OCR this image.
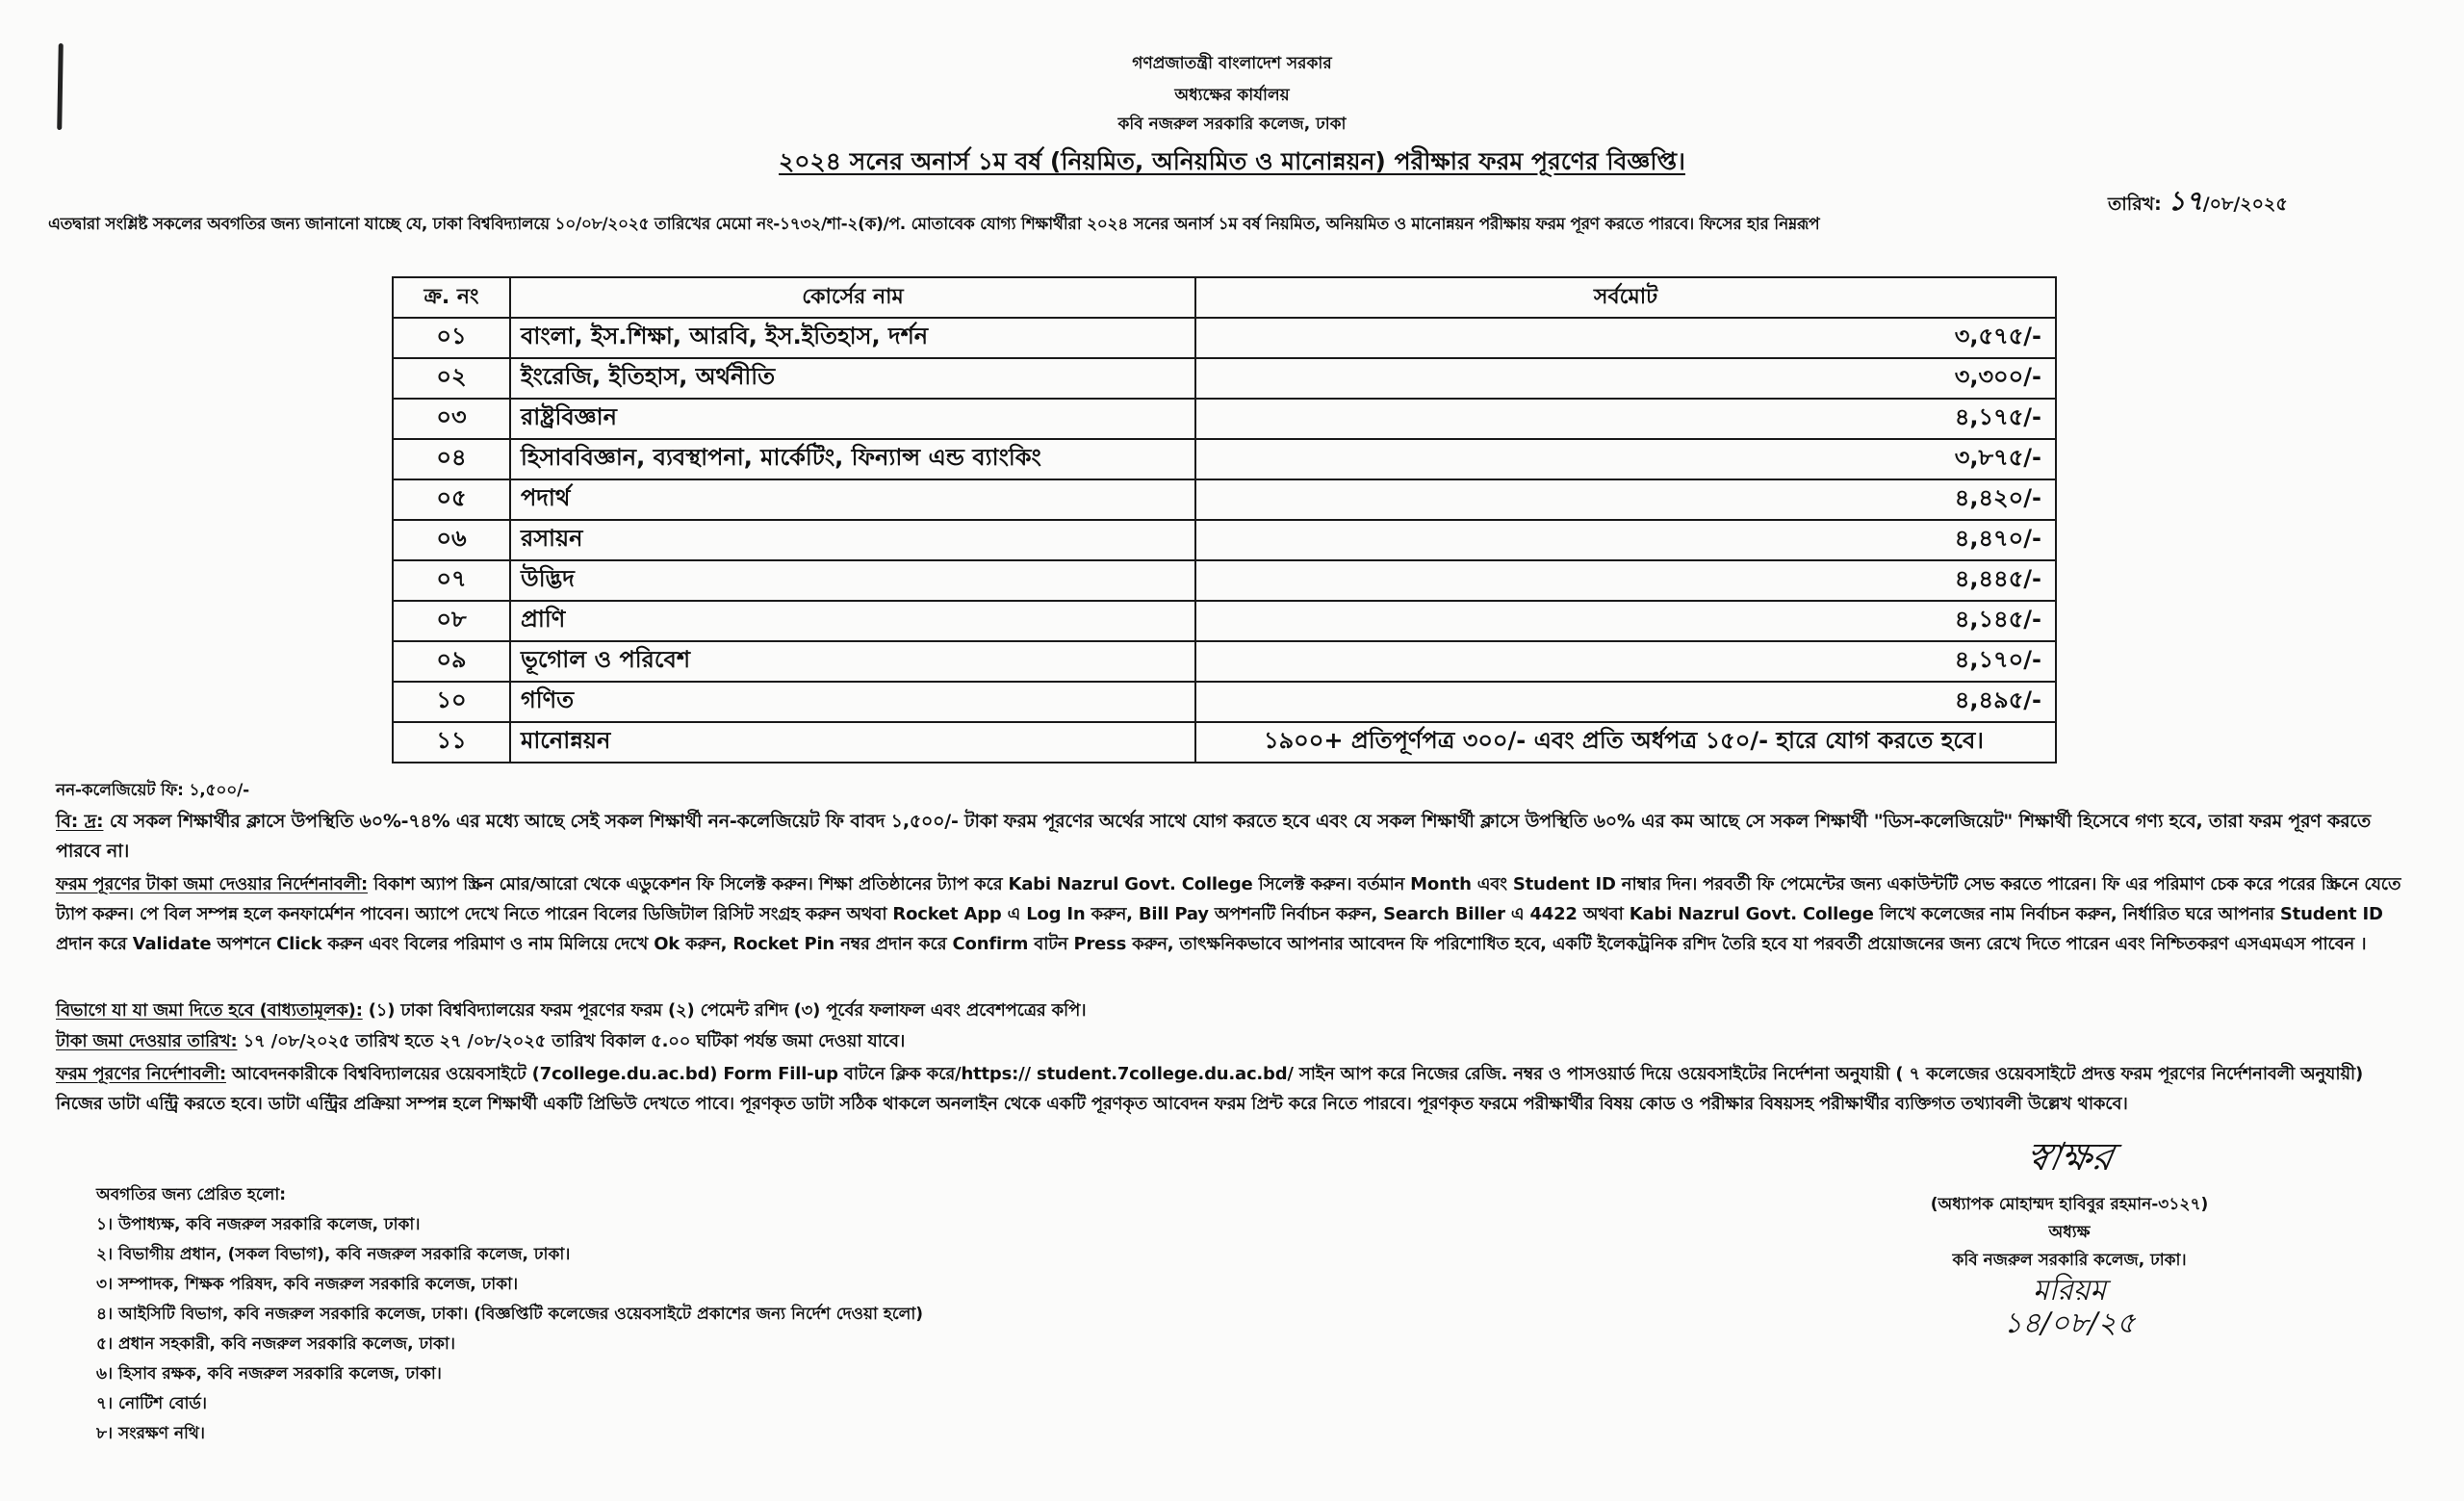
গণপ্রজাতন্ত্রী বাংলাদেশ সরকার
অধ্যক্ষের কার্যালয়
কবি নজরুল সরকারি কলেজ, ঢাকা
২০২৪ সনের অনার্স ১ম বর্ষ (নিয়মিত, অনিয়মিত ও মানোন্নয়ন) পরীক্ষার ফরম পূরণের বিজ্ঞপ্তি।
তারিখ: ১৭/০৮/২০২৫
এতদ্বারা সংশ্লিষ্ট সকলের অবগতির জন্য জানানো যাচ্ছে যে, ঢাকা বিশ্ববিদ্যালয়ে ১০/০৮/২০২৫ তারিখের মেমো নং-১৭৩২/শা-২(ক)/প. মোতাবেক যোগ্য শিক্ষার্থীরা ২০২৪ সনের অনার্স ১ম বর্ষ নিয়মিত, অনিয়মিত ও মানোন্নয়ন পরীক্ষায় ফরম পূরণ করতে পারবে। ফিসের হার নিম্নরূপ
ক্র. নং	কোর্সের নাম	সর্বমোট
০১	বাংলা, ইস.শিক্ষা, আরবি, ইস.ইতিহাস, দর্শন	৩,৫৭৫/-
০২	ইংরেজি, ইতিহাস, অর্থনীতি	৩,৩০০/-
০৩	রাষ্ট্রবিজ্ঞান	৪,১৭৫/-
০৪	হিসাববিজ্ঞান, ব্যবস্থাপনা, মার্কেটিং, ফিন্যান্স এন্ড ব্যাংকিং	৩,৮৭৫/-
০৫	পদার্থ	৪,৪২০/-
০৬	রসায়ন	৪,৪৭০/-
০৭	উদ্ভিদ	৪,৪৪৫/-
০৮	প্রাণি	৪,১৪৫/-
০৯	ভূগোল ও পরিবেশ	৪,১৭০/-
১০	গণিত	৪,৪৯৫/-
১১	মানোন্নয়ন	১৯০০+ প্রতিপূর্ণপত্র ৩০০/- এবং প্রতি অর্ধপত্র ১৫০/- হারে যোগ করতে হবে।
নন-কলেজিয়েট ফি: ১,৫০০/-
বি: দ্র: যে সকল শিক্ষার্থীর ক্লাসে উপস্থিতি ৬০%-৭৪% এর মধ্যে আছে সেই সকল শিক্ষার্থী নন-কলেজিয়েট ফি বাবদ ১,৫০০/- টাকা ফরম পূরণের অর্থের সাথে যোগ করতে হবে এবং যে সকল শিক্ষার্থী ক্লাসে উপস্থিতি ৬০% এর কম আছে সে সকল শিক্ষার্থী "ডিস-কলেজিয়েট" শিক্ষার্থী হিসেবে গণ্য হবে, তারা ফরম পূরণ করতে পারবে না।
ফরম পূরণের টাকা জমা দেওয়ার নির্দেশনাবলী: বিকাশ অ্যাপ স্ক্রিন মোর/আরো থেকে এডুকেশন ফি সিলেক্ট করুন। শিক্ষা প্রতিষ্ঠানের ট্যাপ করে Kabi Nazrul Govt. College সিলেক্ট করুন। বর্তমান Month এবং Student ID নাম্বার দিন। পরবর্তী ফি পেমেন্টের জন্য একাউন্টটি সেভ করতে পারেন। ফি এর পরিমাণ চেক করে পরের স্ক্রিনে যেতে ট্যাপ করুন। পে বিল সম্পন্ন হলে কনফার্মেশন পাবেন। অ্যাপে দেখে নিতে পারেন বিলের ডিজিটাল রিসিট সংগ্রহ করুন অথবা Rocket App এ Log In করুন, Bill Pay অপশনটি নির্বাচন করুন, Search Biller এ 4422 অথবা Kabi Nazrul Govt. College লিখে কলেজের নাম নির্বাচন করুন, নির্ধারিত ঘরে আপনার Student ID প্রদান করে Validate অপশনে Click করুন এবং বিলের পরিমাণ ও নাম মিলিয়ে দেখে Ok করুন, Rocket Pin নম্বর প্রদান করে Confirm বাটন Press করুন, তাৎক্ষনিকভাবে আপনার আবেদন ফি পরিশোধিত হবে, একটি ইলেকট্রনিক রশিদ তৈরি হবে যা পরবর্তী প্রয়োজনের জন্য রেখে দিতে পারেন এবং নিশ্চিতকরণ এসএমএস পাবেন ।
বিভাগে যা যা জমা দিতে হবে (বাধ্যতামূলক): (১) ঢাকা বিশ্ববিদ্যালয়ের ফরম পূরণের ফরম (২) পেমেন্ট রশিদ (৩) পূর্বের ফলাফল এবং প্রবেশপত্রের কপি।
টাকা জমা দেওয়ার তারিখ: ১৭ /০৮/২০২৫ তারিখ হতে ২৭ /০৮/২০২৫ তারিখ বিকাল ৫.০০ ঘটিকা পর্যন্ত জমা দেওয়া যাবে।
ফরম পূরণের নির্দেশাবলী: আবেদনকারীকে বিশ্ববিদ্যালয়ের ওয়েবসাইটে (7college.du.ac.bd) Form Fill-up বাটনে ক্লিক করে/https:// student.7college.du.ac.bd/ সাইন আপ করে নিজের রেজি. নম্বর ও পাসওয়ার্ড দিয়ে ওয়েবসাইটের নির্দেশনা অনুযায়ী ( ৭ কলেজের ওয়েবসাইটে প্রদত্ত ফরম পূরণের নির্দেশনাবলী অনুযায়ী) নিজের ডাটা এন্ট্রি করতে হবে। ডাটা এন্ট্রির প্রক্রিয়া সম্পন্ন হলে শিক্ষার্থী একটি প্রিভিউ দেখতে পাবে। পূরণকৃত ডাটা সঠিক থাকলে অনলাইন থেকে একটি পূরণকৃত আবেদন ফরম প্রিন্ট করে নিতে পারবে। পূরণকৃত ফরমে পরীক্ষার্থীর বিষয় কোড ও পরীক্ষার বিষয়সহ পরীক্ষার্থীর ব্যক্তিগত তথ্যাবলী উল্লেখ থাকবে।
অবগতির জন্য প্রেরিত হলো:
১। উপাধ্যক্ষ, কবি নজরুল সরকারি কলেজ, ঢাকা।
২। বিভাগীয় প্রধান, (সকল বিভাগ), কবি নজরুল সরকারি কলেজ, ঢাকা।
৩। সম্পাদক, শিক্ষক পরিষদ, কবি নজরুল সরকারি কলেজ, ঢাকা।
৪। আইসিটি বিভাগ, কবি নজরুল সরকারি কলেজ, ঢাকা। (বিজ্ঞপ্তিটি কলেজের ওয়েবসাইটে প্রকাশের জন্য নির্দেশ দেওয়া হলো)
৫। প্রধান সহকারী, কবি নজরুল সরকারি কলেজ, ঢাকা।
৬। হিসাব রক্ষক, কবি নজরুল সরকারি কলেজ, ঢাকা।
৭। নোটিশ বোর্ড।
৮। সংরক্ষণ নথি।
স্বাক্ষর
(অধ্যাপক মোহাম্মদ হাবিবুর রহমান-৩১২৭)
অধ্যক্ষ
কবি নজরুল সরকারি কলেজ, ঢাকা।
মরিয়ম
১৪/০৮/২৫
